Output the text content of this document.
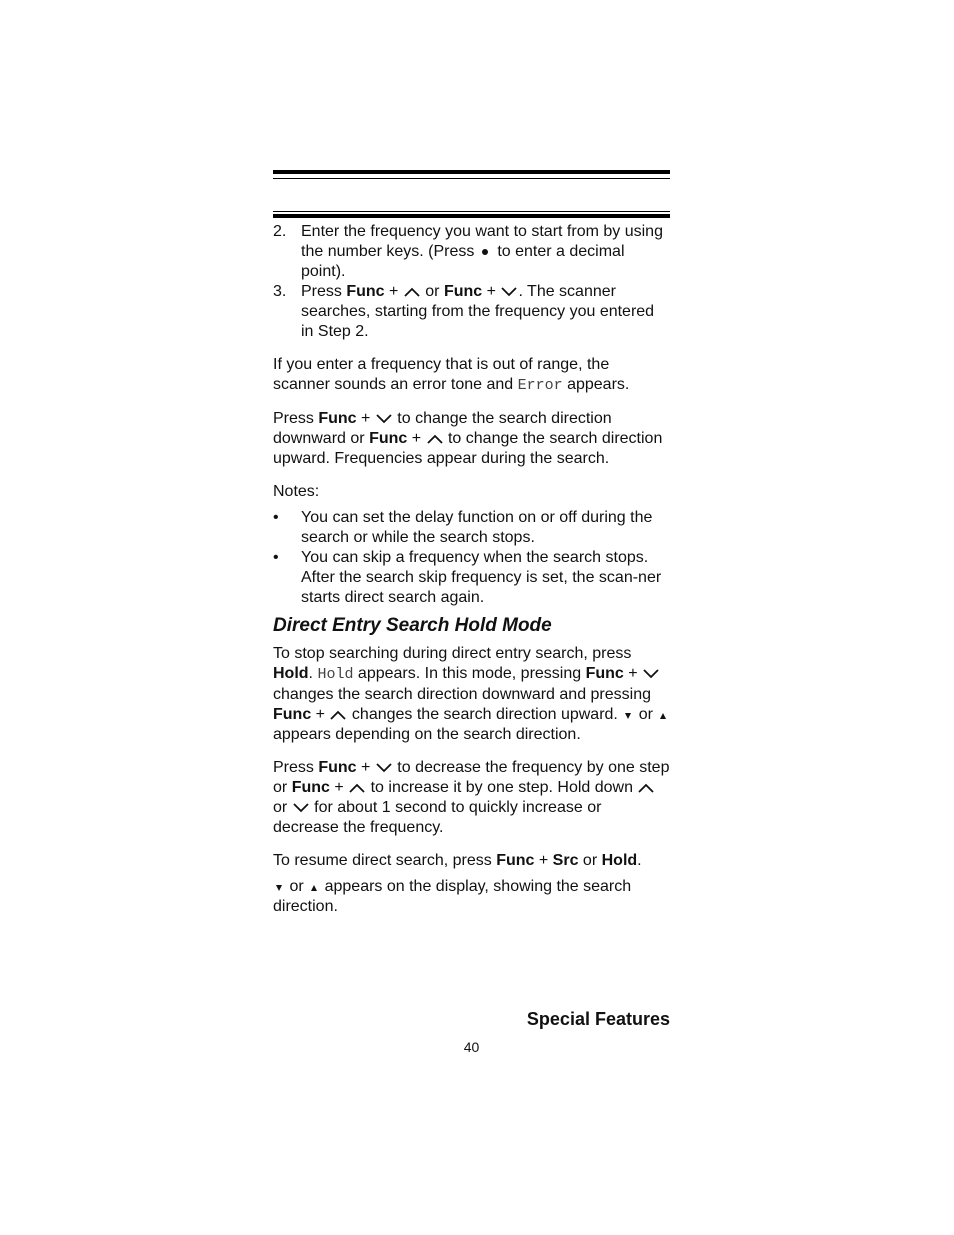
2. Enter the frequency you want to start from by using the number keys. (Press to enter a decimal point).

3. Press Func + or Func + . The scanner searches, starting from the frequency you entered in Step 2.

If you enter a frequency that is out of range, the scanner sounds an error tone and Error appears.

Press Func + to change the search direction downward or Func + to change the search direction upward. Frequencies appear during the search.

Notes:

• You can set the delay function on or off during the search or while the search stops.

• You can skip a frequency when the search stops. After the search skip frequency is set, the scan-ner starts direct search again.

Direct Entry Search Hold Mode

To stop searching during direct entry search, press Hold. Hold appears. In this mode, pressing Func +  changes the search direction downward and pressing Func + changes the search direction upward. or  appears depending on the search direction.

Press Func + to decrease the frequency by one step or Func + to increase it by one step. Hold down  or for about 1 second to quickly increase or decrease the frequency.

To resume direct search, press Func + Src or Hold.

or appears on the display, showing the search direction.

Special Features
40
